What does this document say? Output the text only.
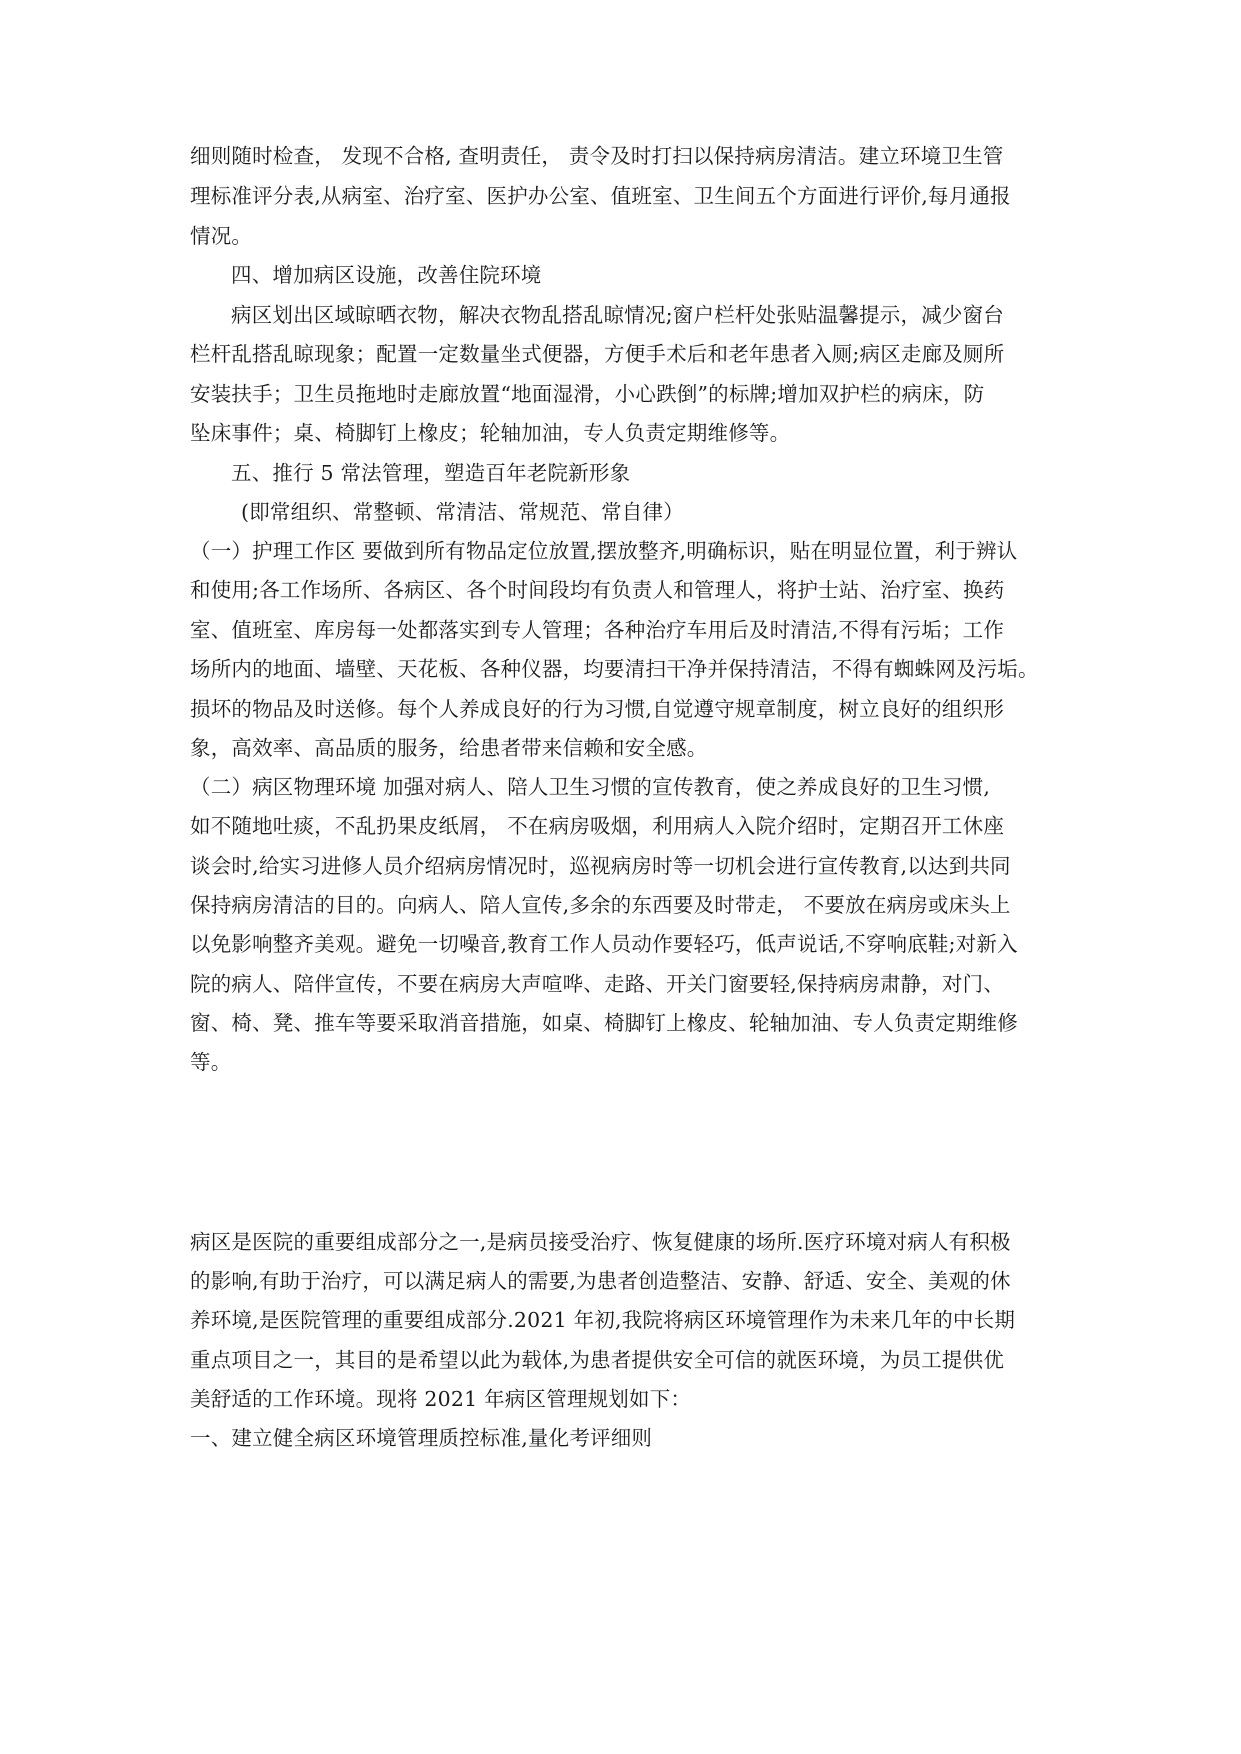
细则随时检查， 发现不合格, 查明责任， 责令及时打扫以保持病房清洁。建立环境卫生管
理标准评分表,从病室、治疗室、医护办公室、值班室、卫生间五个方面进行评价,每月通报
情况。
四、增加病区设施，改善住院环境
病区划出区域晾晒衣物，解决衣物乱搭乱晾情况;窗户栏杆处张贴温馨提示，减少窗台
栏杆乱搭乱晾现象；配置一定数量坐式便器，方便手术后和老年患者入厕;病区走廊及厕所
安装扶手；卫生员拖地时走廊放置“地面湿滑，小心跌倒”的标牌;增加双护栏的病床，防
坠床事件；桌、椅脚钉上橡皮；轮轴加油，专人负责定期维修等。
五、推行 5 常法管理，塑造百年老院新形象
(即常组织、常整顿、常清洁、常规范、常自律）
（一）护理工作区 要做到所有物品定位放置,摆放整齐,明确标识，贴在明显位置，利于辨认
和使用;各工作场所、各病区、各个时间段均有负责人和管理人，将护士站、治疗室、换药
室、值班室、库房每一处都落实到专人管理；各种治疗车用后及时清洁,不得有污垢；工作
场所内的地面、墙壁、天花板、各种仪器，均要清扫干净并保持清洁，不得有蜘蛛网及污垢。
损坏的物品及时送修。每个人养成良好的行为习惯,自觉遵守规章制度，树立良好的组织形
象，高效率、高品质的服务，给患者带来信赖和安全感。
（二）病区物理环境 加强对病人、陪人卫生习惯的宣传教育，使之养成良好的卫生习惯,
如不随地吐痰，不乱扔果皮纸屑， 不在病房吸烟，利用病人入院介绍时，定期召开工休座
谈会时,给实习进修人员介绍病房情况时，巡视病房时等一切机会进行宣传教育,以达到共同
保持病房清洁的目的。向病人、陪人宣传,多余的东西要及时带走， 不要放在病房或床头上
以免影响整齐美观。避免一切噪音,教育工作人员动作要轻巧，低声说话,不穿响底鞋;对新入
院的病人、陪伴宣传，不要在病房大声喧哗、走路、开关门窗要轻,保持病房肃静，对门、
窗、椅、凳、推车等要采取消音措施，如桌、椅脚钉上橡皮、轮轴加油、专人负责定期维修
等。
病区是医院的重要组成部分之一,是病员接受治疗、恢复健康的场所.医疗环境对病人有积极
的影响,有助于治疗，可以满足病人的需要,为患者创造整洁、安静、舒适、安全、美观的休
养环境,是医院管理的重要组成部分.2021 年初,我院将病区环境管理作为未来几年的中长期
重点项目之一，其目的是希望以此为载体,为患者提供安全可信的就医环境，为员工提供优
美舒适的工作环境。现将 2021 年病区管理规划如下：
一、建立健全病区环境管理质控标准,量化考评细则
